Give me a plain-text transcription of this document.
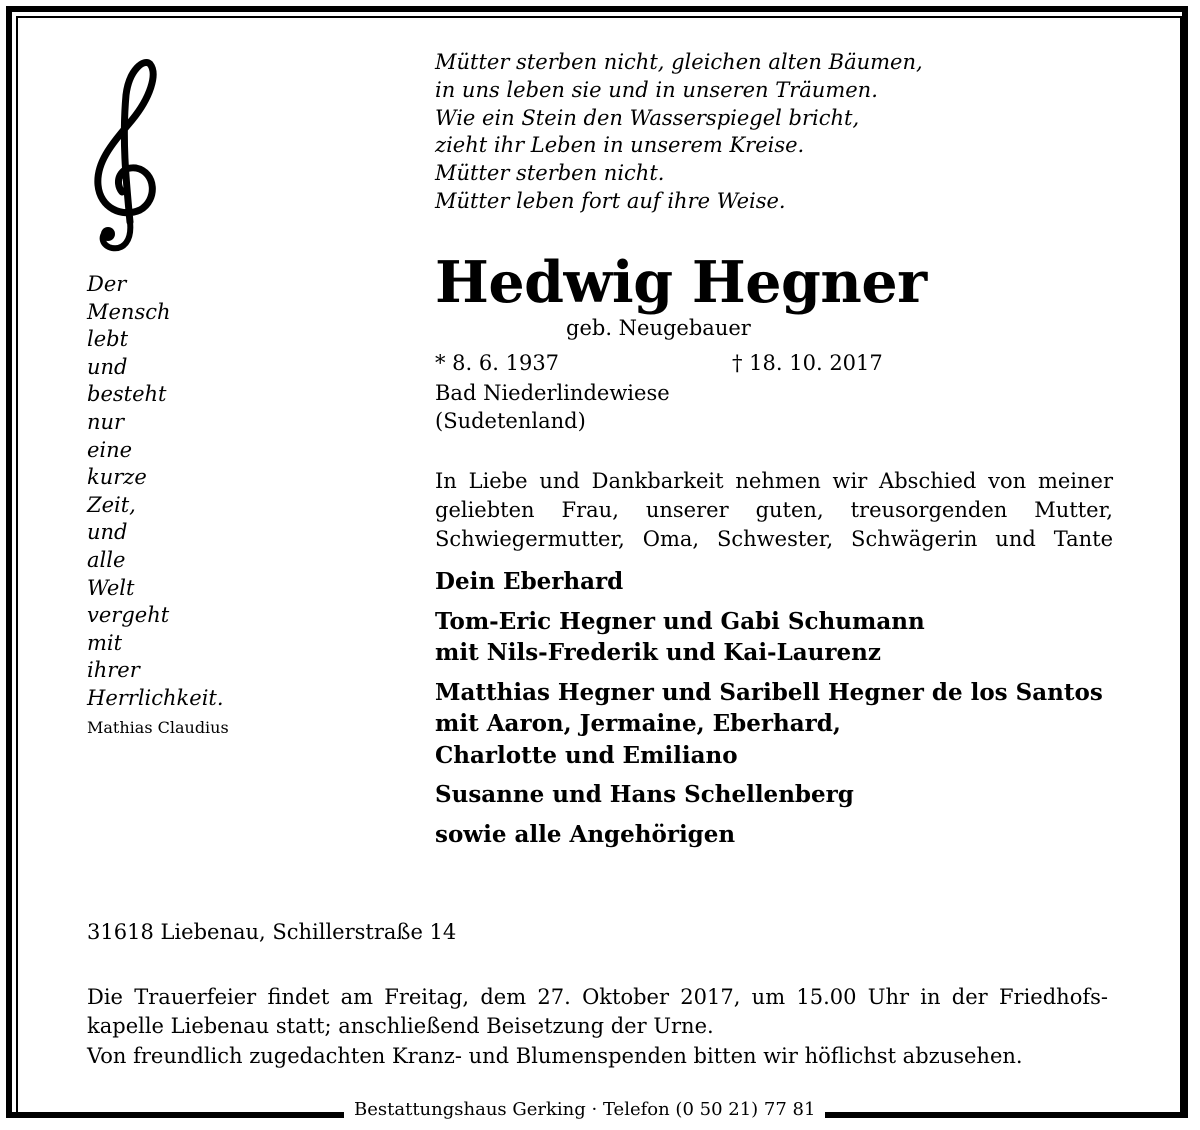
Der
Mensch
lebt
und
besteht
nur
eine
kurze
Zeit,
und
alle
Welt
vergeht
mit
ihrer
Herrlichkeit.
Mathias Claudius
Mütter sterben nicht, gleichen alten Bäumen,
in uns leben sie und in unseren Träumen.
Wie ein Stein den Wasserspiegel bricht,
zieht ihr Leben in unserem Kreise.
Mütter sterben nicht.
Mütter leben fort auf ihre Weise.
Hedwig Hegner
geb. Neugebauer
* 8. 6. 1937	† 18. 10. 2017
Bad Niederlindewiese
(Sudetenland)
In Liebe und Dankbarkeit nehmen wir Abschied von meiner
geliebten Frau, unserer guten, treusorgenden Mutter,
Schwiegermutter, Oma, Schwester, Schwägerin und Tante
Dein Eberhard
Tom-Eric Hegner und Gabi Schumann
mit Nils-Frederik und Kai-Laurenz
Matthias Hegner und Saribell Hegner de los Santos
mit Aaron, Jermaine, Eberhard,
Charlotte und Emiliano
Susanne und Hans Schellenberg
sowie alle Angehörigen
31618 Liebenau, Schillerstraße 14
Die Trauerfeier findet am Freitag, dem 27. Oktober 2017, um 15.00 Uhr in der Friedhofs-
kapelle Liebenau statt; anschließend Beisetzung der Urne.
Von freundlich zugedachten Kranz- und Blumenspenden bitten wir höflichst abzusehen.
Bestattungshaus Gerking · Telefon (0 50 21) 77 81
